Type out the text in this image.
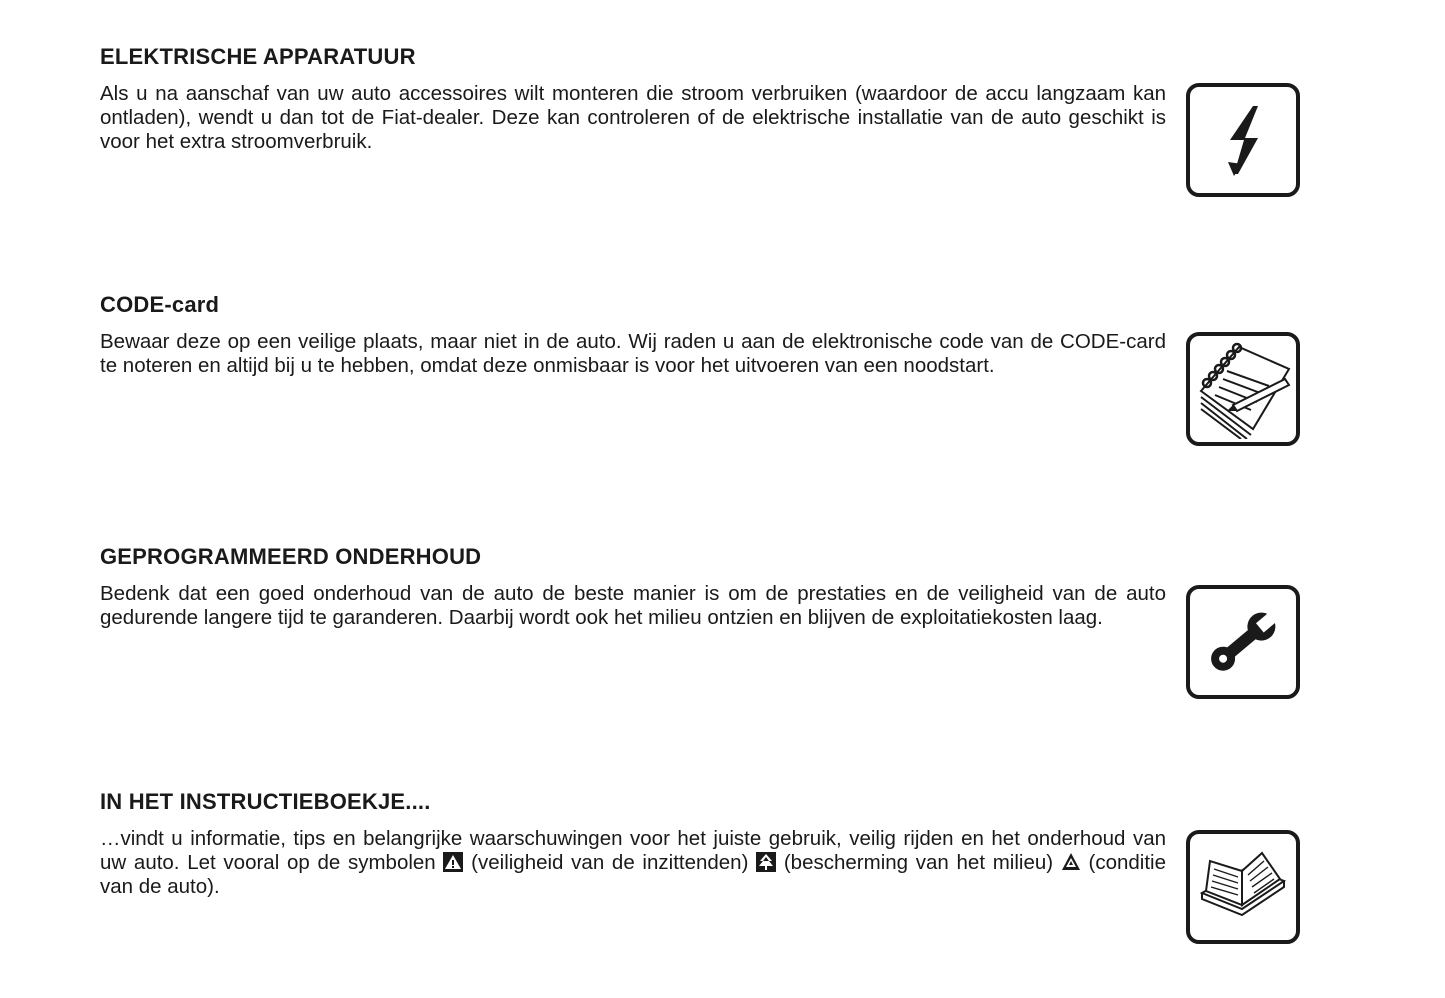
ELEKTRISCHE APPARATUUR

Als u na aanschaf van uw auto accessoires wilt monteren die stroom verbruiken (waardoor de accu langzaam kan ontladen), wendt u dan tot de Fiat-dealer. Deze kan controleren of de elektrische installatie van de auto geschikt is voor het extra stroomverbruik.

CODE-card

Bewaar deze op een veilige plaats, maar niet in de auto. Wij raden u aan de elektronische code van de CODE-card te noteren en altijd bij u te hebben, omdat deze onmisbaar is voor het uitvoeren van een noodstart.

GEPROGRAMMEERD ONDERHOUD

Bedenk dat een goed onderhoud van de auto de beste manier is om de prestaties en de veiligheid van de auto gedurende langere tijd te garanderen. Daarbij wordt ook het milieu ontzien en blijven de exploitatiekosten laag.

IN HET INSTRUCTIEBOEKJE....

…vindt u informatie, tips en belangrijke waarschuwingen voor het juiste gebruik, veilig rijden en het onderhoud van uw auto. Let vooral op de symbolen (veiligheid van de inzittenden) (bescherming van het milieu) (conditie van de auto).
